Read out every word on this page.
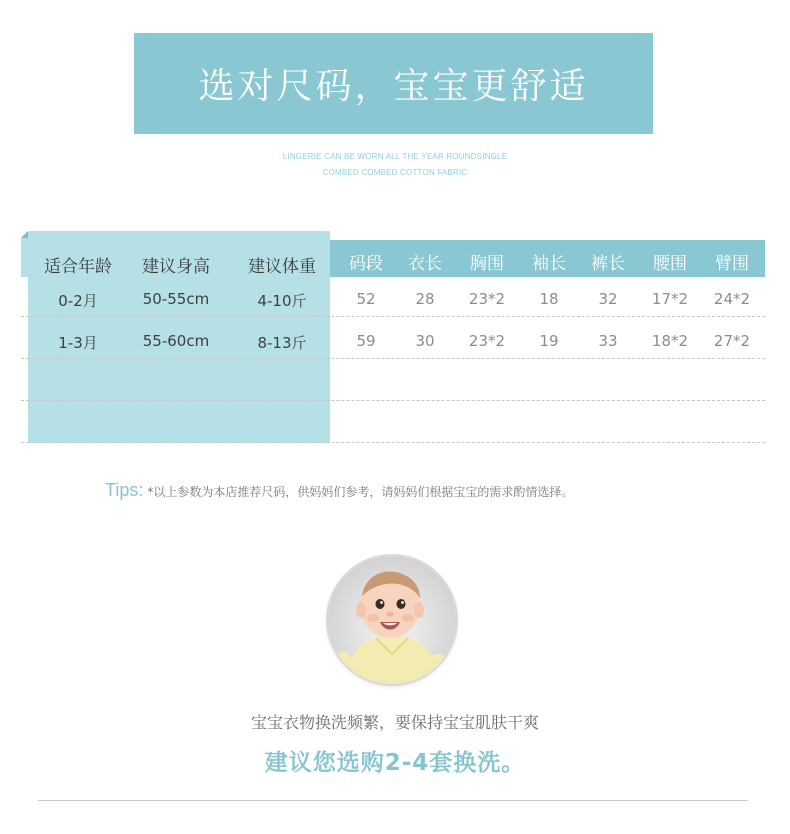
选对尺码，宝宝更舒适
LINGERIE CAN BE WORN ALL THE YEAR ROUNDSINGLE
COMBED COMBED COTTON FABRIC
适合年龄	建议身高	建议体重	码段	衣长	胸围	袖长	裤长	腰围	臂围
0-2月	50-55cm	4-10斤	52	28	23*2	18	32	17*2	24*2
1-3月	55-60cm	8-13斤	59	30	23*2	19	33	18*2	27*2
Tips: *以上参数为本店推荐尺码，供妈妈们参考，请妈妈们根据宝宝的需求酌情选择。
宝宝衣物换洗频繁，要保持宝宝肌肤干爽
建议您选购2-4套换洗。
